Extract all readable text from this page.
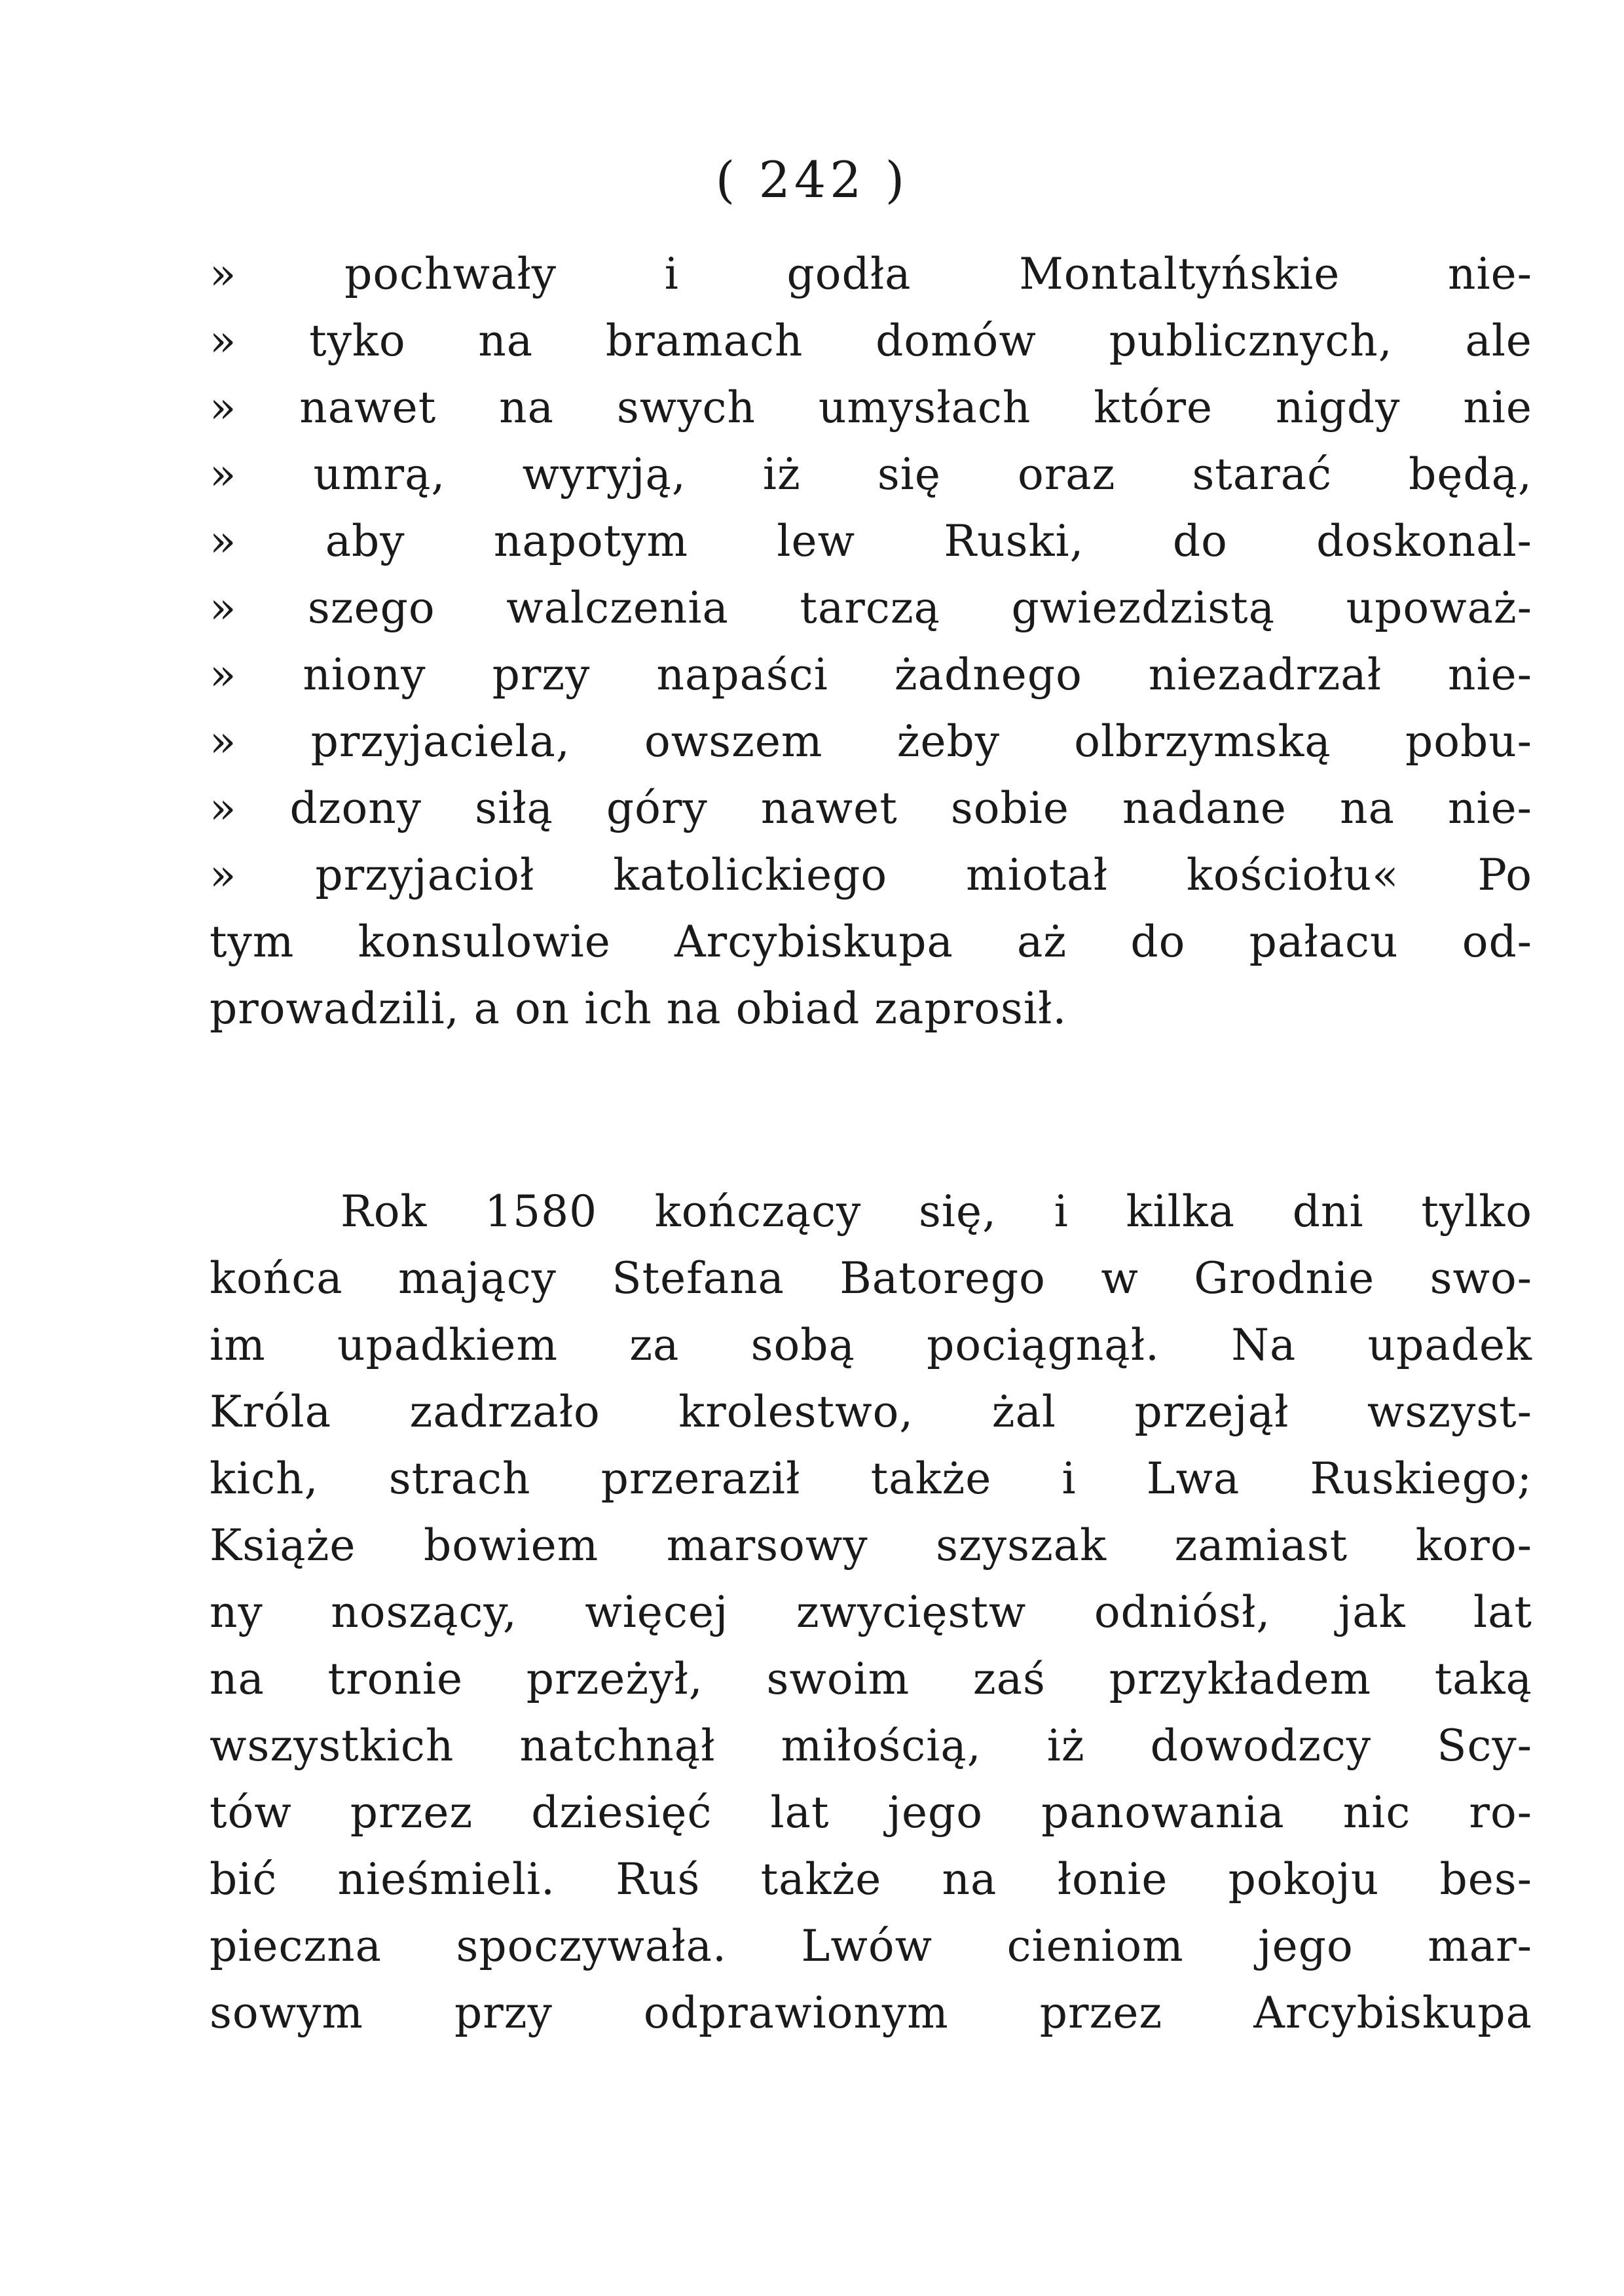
( 242 )
» pochwały i godła Montaltyńskie nie-
» tyko na bramach domów publicznych, ale
» nawet na swych umysłach które nigdy nie
» umrą, wyryją, iż się oraz starać będą,
» aby napotym lew Ruski, do doskonal-
» szego walczenia tarczą gwiezdzistą upoważ-
» niony przy napaści żadnego niezadrzał nie-
» przyjaciela, owszem żeby olbrzymską pobu-
» dzony siłą góry nawet sobie nadane na nie-
» przyjacioł katolickiego miotał kościołu« Po
tym konsulowie Arcybiskupa aż do pałacu od-
prowadzili, a on ich na obiad zaprosił.
Rok 1580 kończący się, i kilka dni tylko
końca mający Stefana Batorego w Grodnie swo-
im upadkiem za sobą pociągnął. Na upadek
Króla zadrzało krolestwo, żal przejął wszyst-
kich, strach przeraził także i Lwa Ruskiego;
Książe bowiem marsowy szyszak zamiast koro-
ny noszący, więcej zwycięstw odniósł, jak lat
na tronie przeżył, swoim zaś przykładem taką
wszystkich natchnął miłością, iż dowodzcy Scy-
tów przez dziesięć lat jego panowania nic ro-
bić nieśmieli. Ruś także na łonie pokoju bes-
pieczna spoczywała. Lwów cieniom jego mar-
sowym przy odprawionym przez Arcybiskupa
